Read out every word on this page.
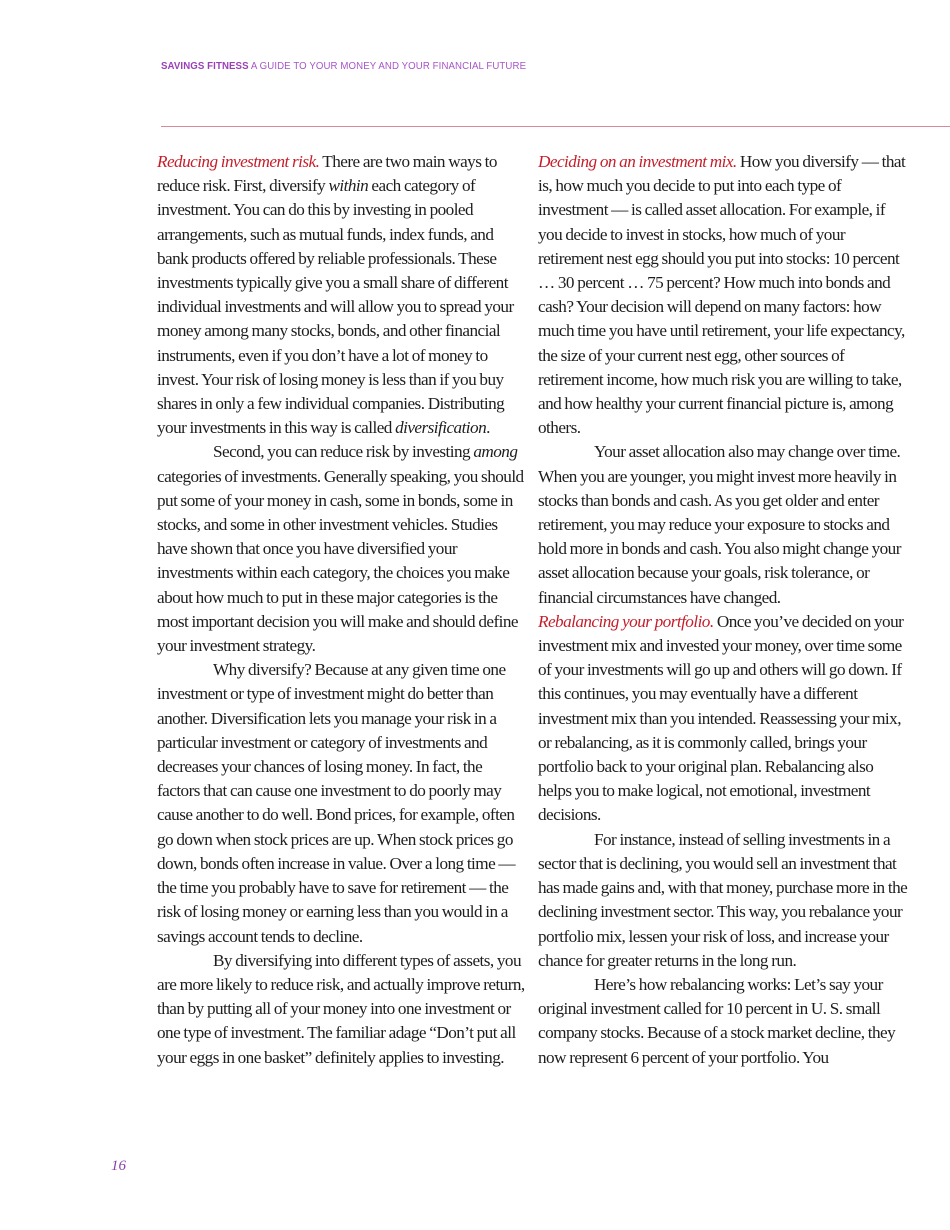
SAVINGS FITNESS A GUIDE TO YOUR MONEY AND YOUR FINANCIAL FUTURE

Reducing investment risk. There are two main ways to reduce risk. First, diversify within each category of investment. You can do this by investing in pooled arrangements, such as mutual funds, index funds, and bank products offered by reliable professionals. These investments typically give you a small share of different individual investments and will allow you to spread your money among many stocks, bonds, and other financial instruments, even if you don’t have a lot of money to invest. Your risk of losing money is less than if you buy shares in only a few individual companies. Distributing your investments in this way is called diversification.

Second, you can reduce risk by investing among categories of investments. Generally speaking, you should put some of your money in cash, some in bonds, some in stocks, and some in other investment vehicles. Studies have shown that once you have diversified your investments within each category, the choices you make about how much to put in these major categories is the most important decision you will make and should define your investment strategy.

Why diversify? Because at any given time one investment or type of investment might do better than another. Diversification lets you manage your risk in a particular investment or category of investments and decreases your chances of losing money. In fact, the factors that can cause one investment to do poorly may cause another to do well. Bond prices, for example, often go down when stock prices are up. When stock prices go down, bonds often increase in value. Over a long time — the time you probably have to save for retirement — the risk of losing money or earning less than you would in a savings account tends to decline.

By diversifying into different types of assets, you are more likely to reduce risk, and actually improve return, than by putting all of your money into one investment or one type of investment. The familiar adage “Don’t put all your eggs in one basket” definitely applies to investing.

Deciding on an investment mix. How you diversify — that is, how much you decide to put into each type of investment — is called asset allocation. For example, if you decide to invest in stocks, how much of your retirement nest egg should you put into stocks: 10 percent … 30 percent … 75 percent? How much into bonds and cash? Your decision will depend on many factors: how much time you have until retirement, your life expectancy, the size of your current nest egg, other sources of retirement income, how much risk you are willing to take, and how healthy your current financial picture is, among others.

Your asset allocation also may change over time. When you are younger, you might invest more heavily in stocks than bonds and cash. As you get older and enter retirement, you may reduce your exposure to stocks and hold more in bonds and cash. You also might change your asset allocation because your goals, risk tolerance, or financial circumstances have changed.

Rebalancing your portfolio. Once you’ve decided on your investment mix and invested your money, over time some of your investments will go up and others will go down. If this continues, you may eventually have a different investment mix than you intended. Reassessing your mix, or rebalancing, as it is commonly called, brings your portfolio back to your original plan. Rebalancing also helps you to make logical, not emotional, investment decisions.

For instance, instead of selling investments in a sector that is declining, you would sell an investment that has made gains and, with that money, purchase more in the declining investment sector. This way, you rebalance your portfolio mix, lessen your risk of loss, and increase your chance for greater returns in the long run.

Here’s how rebalancing works: Let’s say your original investment called for 10 percent in U. S. small company stocks. Because of a stock market decline, they now represent 6 percent of your portfolio. You

16
